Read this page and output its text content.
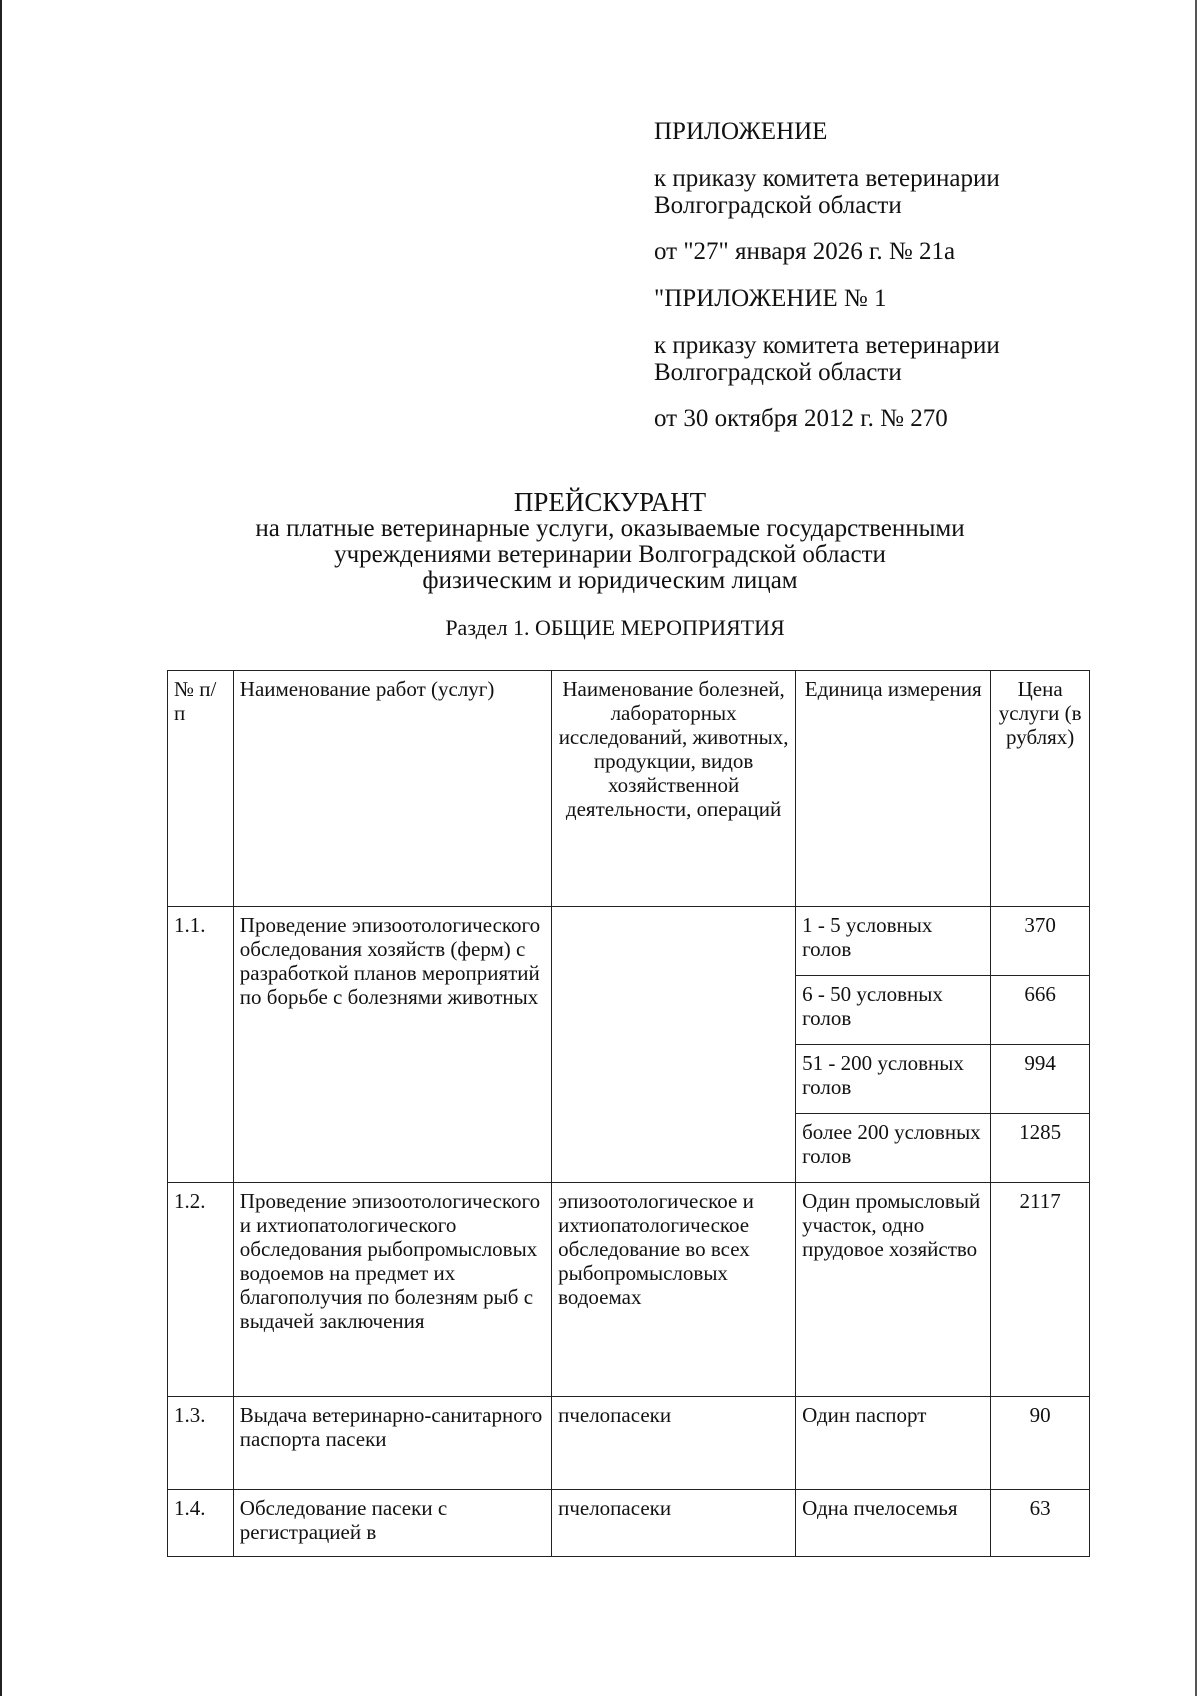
ПРИЛОЖЕНИЕ
к приказу комитета ветеринарии Волгоградской области
от "27" января 2026 г. № 21а
"ПРИЛОЖЕНИЕ № 1
к приказу комитета ветеринарии Волгоградской области
от 30 октября 2012 г. № 270
ПРЕЙСКУРАНТ
на платные ветеринарные услуги, оказываемые государственными
учреждениями ветеринарии Волгоградской области
физическим и юридическим лицам
Раздел 1. ОБЩИЕ МЕРОПРИЯТИЯ
№ п/п	Наименование работ (услуг)	Наименование болезней, лабораторных исследований, животных, продукции, видов хозяйственной деятельности, операций	Единица измерения	Цена услуги (в рублях)
1.1.	Проведение эпизоотологического обследования хозяйств (ферм) с разработкой планов мероприятий по борьбе с болезнями животных		1 - 5 условных голов	370
			6 - 50 условных голов	666
			51 - 200 условных голов	994
			более 200 условных голов	1285
1.2.	Проведение эпизоотологического и ихтиопатологического обследования рыбопромысловых водоемов на предмет их благополучия по болезням рыб с выдачей заключения	эпизоотологическое и ихтиопатологическое обследование во всех рыбопромысловых водоемах	Один промысловый участок, одно прудовое хозяйство	2117
1.3.	Выдача ветеринарно-санитарного паспорта пасеки	пчелопасеки	Один паспорт	90
1.4.	Обследование пасеки с регистрацией в	пчелопасеки	Одна пчелосемья	63
